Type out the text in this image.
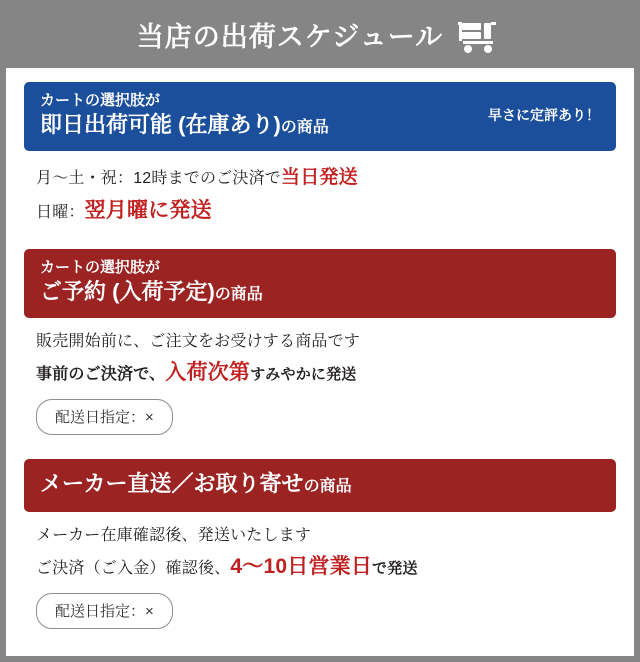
当店の出荷スケジュール
カートの選択肢が
即日出荷可能 (在庫あり)の商品
早さに定評あり！
月〜土・祝：12時までのご決済で当日発送
日曜：翌月曜に発送
カートの選択肢が
ご予約 (入荷予定)の商品
販売開始前に、ご注文をお受けする商品です
事前のご決済で、入荷次第すみやかに発送
配送日指定：×
メーカー直送／お取り寄せの商品
メーカー在庫確認後、発送いたします
ご決済（ご入金）確認後、4〜10日営業日で発送
配送日指定：×
